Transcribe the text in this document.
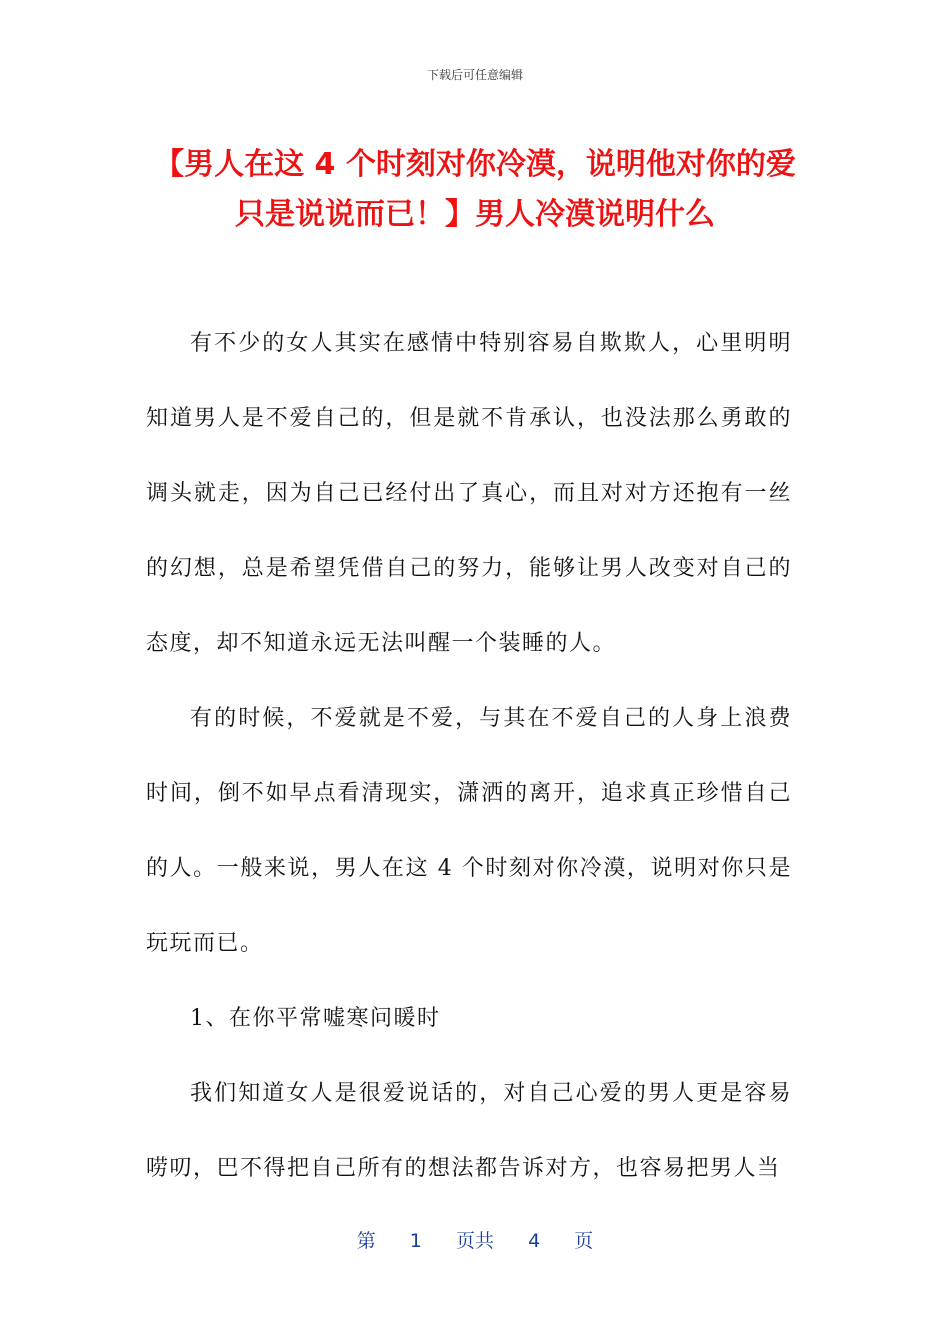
下载后可任意编辑
【男人在这 4 个时刻对你冷漠，说明他对你的爱只是说说而已！】男人冷漠说明什么

有不少的女人其实在感情中特别容易自欺欺人，心里明明知道男人是不爱自己的，但是就不肯承认，也没法那么勇敢的调头就走，因为自己已经付出了真心，而且对对方还抱有一丝的幻想，总是希望凭借自己的努力，能够让男人改变对自己的态度，却不知道永远无法叫醒一个装睡的人。

有的时候，不爱就是不爱，与其在不爱自己的人身上浪费时间，倒不如早点看清现实，潇洒的离开，追求真正珍惜自己的人。一般来说，男人在这 4 个时刻对你冷漠，说明对你只是玩玩而已。

1、在你平常嘘寒问暖时

我们知道女人是很爱说话的，对自己心爱的男人更是容易唠叨，巴不得把自己所有的想法都告诉对方，也容易把男人当

第 1 页共 4 页
